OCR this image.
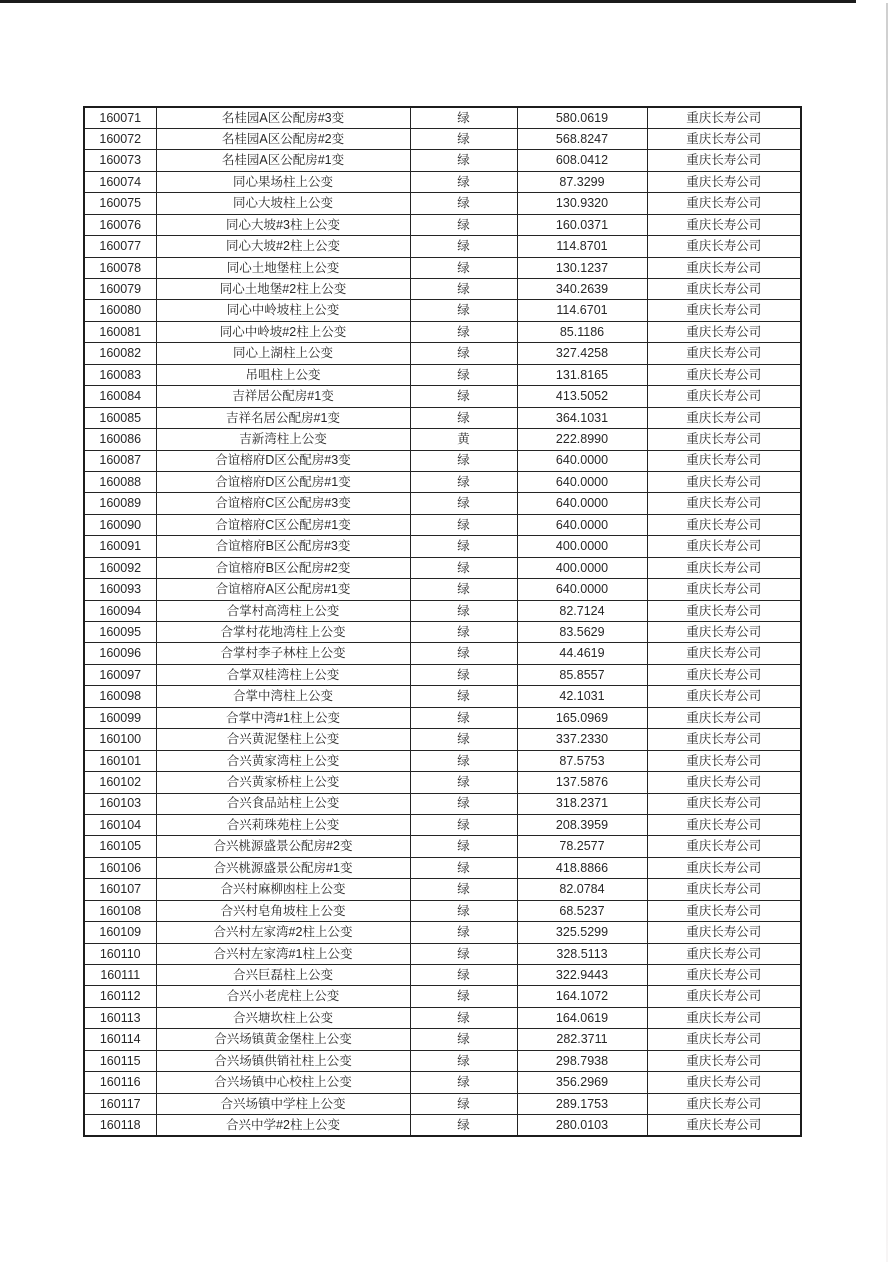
160071	名桂园A区公配房#3变	绿	580.0619	重庆长寿公司
160072	名桂园A区公配房#2变	绿	568.8247	重庆长寿公司
160073	名桂园A区公配房#1变	绿	608.0412	重庆长寿公司
160074	同心果场柱上公变	绿	87.3299	重庆长寿公司
160075	同心大坡柱上公变	绿	130.9320	重庆长寿公司
160076	同心大坡#3柱上公变	绿	160.0371	重庆长寿公司
160077	同心大坡#2柱上公变	绿	114.8701	重庆长寿公司
160078	同心土地堡柱上公变	绿	130.1237	重庆长寿公司
160079	同心土地堡#2柱上公变	绿	340.2639	重庆长寿公司
160080	同心中岭坡柱上公变	绿	114.6701	重庆长寿公司
160081	同心中岭坡#2柱上公变	绿	85.1186	重庆长寿公司
160082	同心上湖柱上公变	绿	327.4258	重庆长寿公司
160083	吊咀柱上公变	绿	131.8165	重庆长寿公司
160084	吉祥居公配房#1变	绿	413.5052	重庆长寿公司
160085	吉祥名居公配房#1变	绿	364.1031	重庆长寿公司
160086	吉新湾柱上公变	黄	222.8990	重庆长寿公司
160087	合谊榕府D区公配房#3变	绿	640.0000	重庆长寿公司
160088	合谊榕府D区公配房#1变	绿	640.0000	重庆长寿公司
160089	合谊榕府C区公配房#3变	绿	640.0000	重庆长寿公司
160090	合谊榕府C区公配房#1变	绿	640.0000	重庆长寿公司
160091	合谊榕府B区公配房#3变	绿	400.0000	重庆长寿公司
160092	合谊榕府B区公配房#2变	绿	400.0000	重庆长寿公司
160093	合谊榕府A区公配房#1变	绿	640.0000	重庆长寿公司
160094	合掌村高湾柱上公变	绿	82.7124	重庆长寿公司
160095	合掌村花地湾柱上公变	绿	83.5629	重庆长寿公司
160096	合掌村李子林柱上公变	绿	44.4619	重庆长寿公司
160097	合掌双桂湾柱上公变	绿	85.8557	重庆长寿公司
160098	合掌中湾柱上公变	绿	42.1031	重庆长寿公司
160099	合掌中湾#1柱上公变	绿	165.0969	重庆长寿公司
160100	合兴黄泥堡柱上公变	绿	337.2330	重庆长寿公司
160101	合兴黄家湾柱上公变	绿	87.5753	重庆长寿公司
160102	合兴黄家桥柱上公变	绿	137.5876	重庆长寿公司
160103	合兴食品站柱上公变	绿	318.2371	重庆长寿公司
160104	合兴莉珠苑柱上公变	绿	208.3959	重庆长寿公司
160105	合兴桃源盛景公配房#2变	绿	78.2577	重庆长寿公司
160106	合兴桃源盛景公配房#1变	绿	418.8866	重庆长寿公司
160107	合兴村麻柳凼柱上公变	绿	82.0784	重庆长寿公司
160108	合兴村皂角坡柱上公变	绿	68.5237	重庆长寿公司
160109	合兴村左家湾#2柱上公变	绿	325.5299	重庆长寿公司
160110	合兴村左家湾#1柱上公变	绿	328.5113	重庆长寿公司
160111	合兴巨磊柱上公变	绿	322.9443	重庆长寿公司
160112	合兴小老虎柱上公变	绿	164.1072	重庆长寿公司
160113	合兴塘坎柱上公变	绿	164.0619	重庆长寿公司
160114	合兴场镇黄金堡柱上公变	绿	282.3711	重庆长寿公司
160115	合兴场镇供销社柱上公变	绿	298.7938	重庆长寿公司
160116	合兴场镇中心校柱上公变	绿	356.2969	重庆长寿公司
160117	合兴场镇中学柱上公变	绿	289.1753	重庆长寿公司
160118	合兴中学#2柱上公变	绿	280.0103	重庆长寿公司
